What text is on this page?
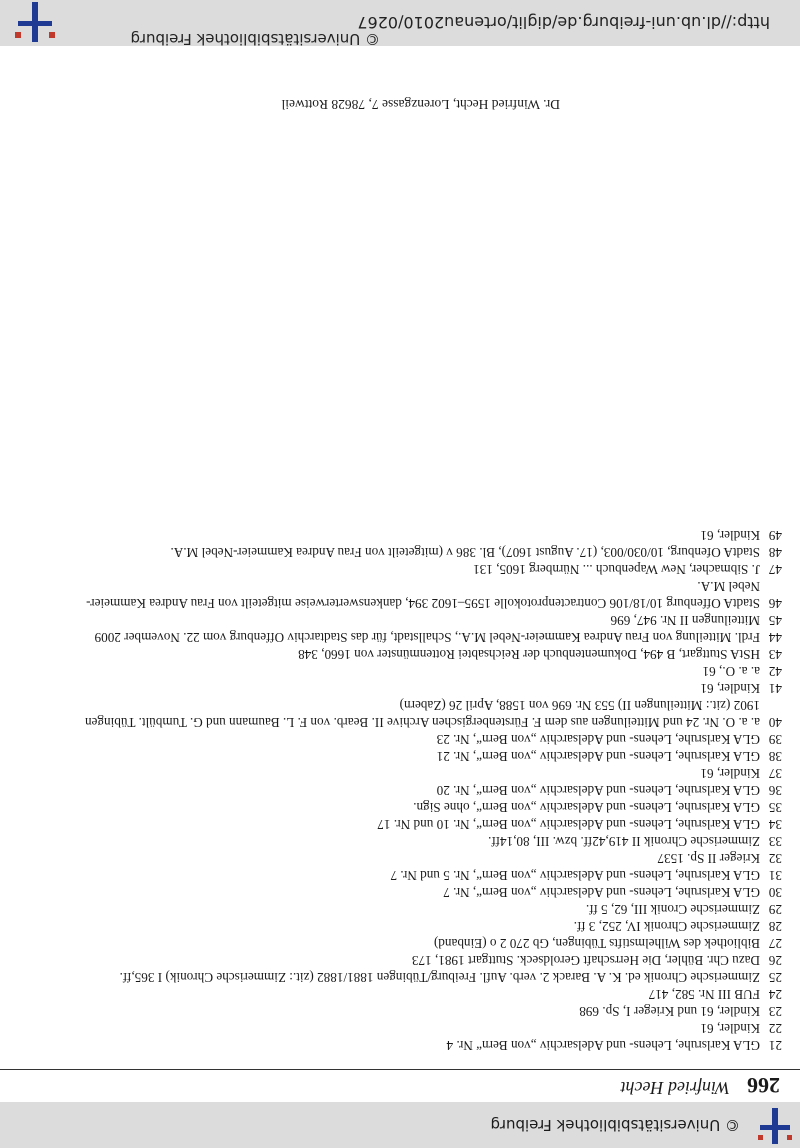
© Universitätsbibliothek Freiburg
266
Winfried Hecht
21
GLA Karlsruhe, Lehens- und Adelsarchiv „von Bern“ Nr. 4
22
Kindler, 61
23
Kindler, 61 und Krieger I, Sp. 698
24
FUB III Nr. 582, 417
25
Zimmerische Chronik ed. K. A. Barack 2. verb. Aufl. Freiburg/Tübingen 1881/1882 (zit.: Zimmerische Chronik) I 365,ff.
26
Dazu Chr. Bühler, Die Herrschaft Geroldseck. Stuttgart 1981, 173
27
Bibliothek des Wilhelmstifts Tübingen, Gb 270 2 o (Einband)
28
Zimmerische Chronik IV, 252, 3 ff.
29
Zimmerische Cronik III, 62, 5 ff.
30
GLA Karlsruhe, Lehens- und Adelsarchiv „von Bern“, Nr. 7
31
GLA Karlsruhe, Lehens- und Adelsarchiv „von Bern“, Nr. 5 und Nr. 7
32
Krieger II Sp. 1537
33
Zimmerische Chronik II 419,42ff. bzw. III, 80,14ff.
34
GLA Karlsruhe, Lehens- und Adelsarchiv „von Bern“, Nr. 10 und Nr. 17
35
GLA Karlsruhe, Lehens- und Adelsarchiv „von Bern“, ohne Sign.
36
GLA Karlsruhe, Lehens- und Adelsarchiv „von Bern“, Nr. 20
37
Kindler, 61
38
GLA Karlsruhe, Lehens- und Adelsarchiv „von Bern“, Nr. 21
39
GLA Karlsruhe, Lehens- und Adelsarchiv „von Bern“, Nr. 23
40
a. a. O. Nr. 24 und Mitteilungen aus dem F. Fürstenbergischen Archive II. Bearb. von F. L. Baumann und G. Tumbült. Tübingen 1902 (zit.: Mitteilungen II) 553 Nr. 696 von 1588, April 26 (Zabern)
41
Kindler, 61
42
a. a. O., 61
43
HStA Stuttgart, B 494, Dokumentenbuch der Reichsabtei Rottenmünster von 1660, 348
44
Frdl. Mitteilung von Frau Andrea Kammeier-Nebel M.A., Schallstadt, für das Stadtarchiv Offenburg vom 22. November 2009
45
Mitteilungen II Nr. 947, 696
46
StadtA Offenburg 10/18/106 Contractenprotokolle 1595–1602 394, dankenswerterweise mitgeteilt von Frau Andrea Kammeier-Nebel M.A.
47
J. Sibmacher, New Wapenbuch ... Nürnberg 1605, 131
48
StadtA Ofenburg, 10/030/003, (17. August 1607), Bl. 386 v (mitgeteilt von Frau Andrea Kammeier-Nebel M.A.
49
Kindler, 61
Dr. Winfried Hecht, Lorenzgasse 7, 78628 Rottweil
http://dl.ub.uni-freiburg.de/diglit/ortenau2010/0267
© Universitätsbibliothek Freiburg
